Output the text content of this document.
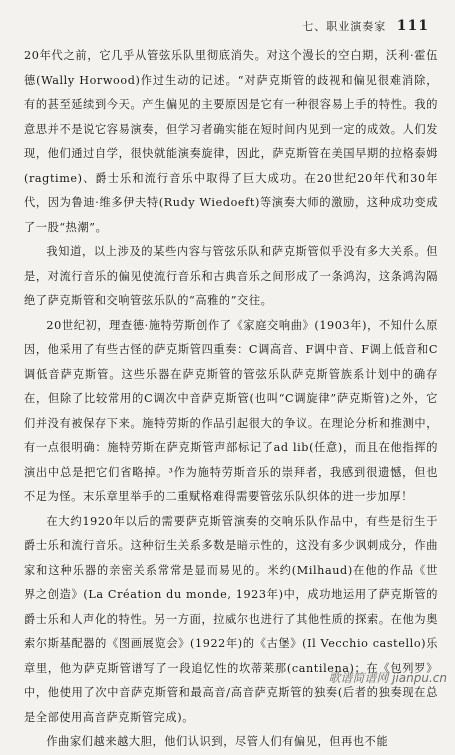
七、职业演奏家 111

20年代之前，它几乎从管弦乐队里彻底消失。对这个漫长的空白期，沃利·霍伍德(Wally Horwood)作过生动的记述。“对萨克斯管的歧视和偏见很难消除，有的甚至延续到今天。产生偏见的主要原因是它有一种很容易上手的特性。我的意思并不是说它容易演奏，但学习者确实能在短时间内见到一定的成效。人们发现，他们通过自学，很快就能演奏旋律，因此，萨克斯管在美国早期的拉格泰姆(ragtime)、爵士乐和流行音乐中取得了巨大成功。在20世纪20年代和30年代，因为鲁迪·维多伊夫特(Rudy Wiedoeft)等演奏大师的激励，这种成功变成了一股“热潮”。

我知道，以上涉及的某些内容与管弦乐队和萨克斯管似乎没有多大关系。但是，对流行音乐的偏见使流行音乐和古典音乐之间形成了一条鸿沟，这条鸿沟隔绝了萨克斯管和交响管弦乐队的“高雅的”交往。

20世纪初，理查德·施特劳斯创作了《家庭交响曲》(1903年)，不知什么原因，他采用了有些古怪的萨克斯管四重奏：C调高音、F调中音、F调上低音和C调低音萨克斯管。这些乐器在萨克斯管的管弦乐队萨克斯管族系计划中的确存在，但除了比较常用的C调次中音萨克斯管(也叫“C调旋律”萨克斯管)之外，它们并没有被保存下来。施特劳斯的作品引起很大的争议。在理论分析和推测中，有一点很明确：施特劳斯在萨克斯管声部标记了ad lib(任意)，而且在他指挥的演出中总是把它们省略掉。³作为施特劳斯音乐的崇拜者，我感到很遗憾，但也不足为怪。末乐章里举手的二重赋格难得需要管弦乐队织体的进一步加厚！

在大约1920年以后的需要萨克斯管演奏的交响乐队作品中，有些是衍生于爵士乐和流行音乐。这种衍生关系多数是暗示性的，这没有多少讽刺成分，作曲家和这种乐器的亲密关系常常是显而易见的。米约(Milhaud)在他的作品《世界之创造》(La Création du monde, 1923年)中，成功地运用了萨克斯管的爵士乐和人声化的特性。另一方面，拉威尔也进行了其他性质的探索。在他为奥索尔斯基配器的《图画展览会》(1922年)的《古堡》(Il Vecchio castello)乐章里，他为萨克斯管谱写了一段追忆性的坎蒂莱那(cantilena)；在《包列罗》中，他使用了次中音萨克斯管和最高音/高音萨克斯管的独奏(后者的独奏现在总是全部使用高音萨克斯管完成)。

作曲家们越来越大胆，他们认识到，尽管人们有偏见，但再也不能

歌谱简谱网 jianpu.cn
